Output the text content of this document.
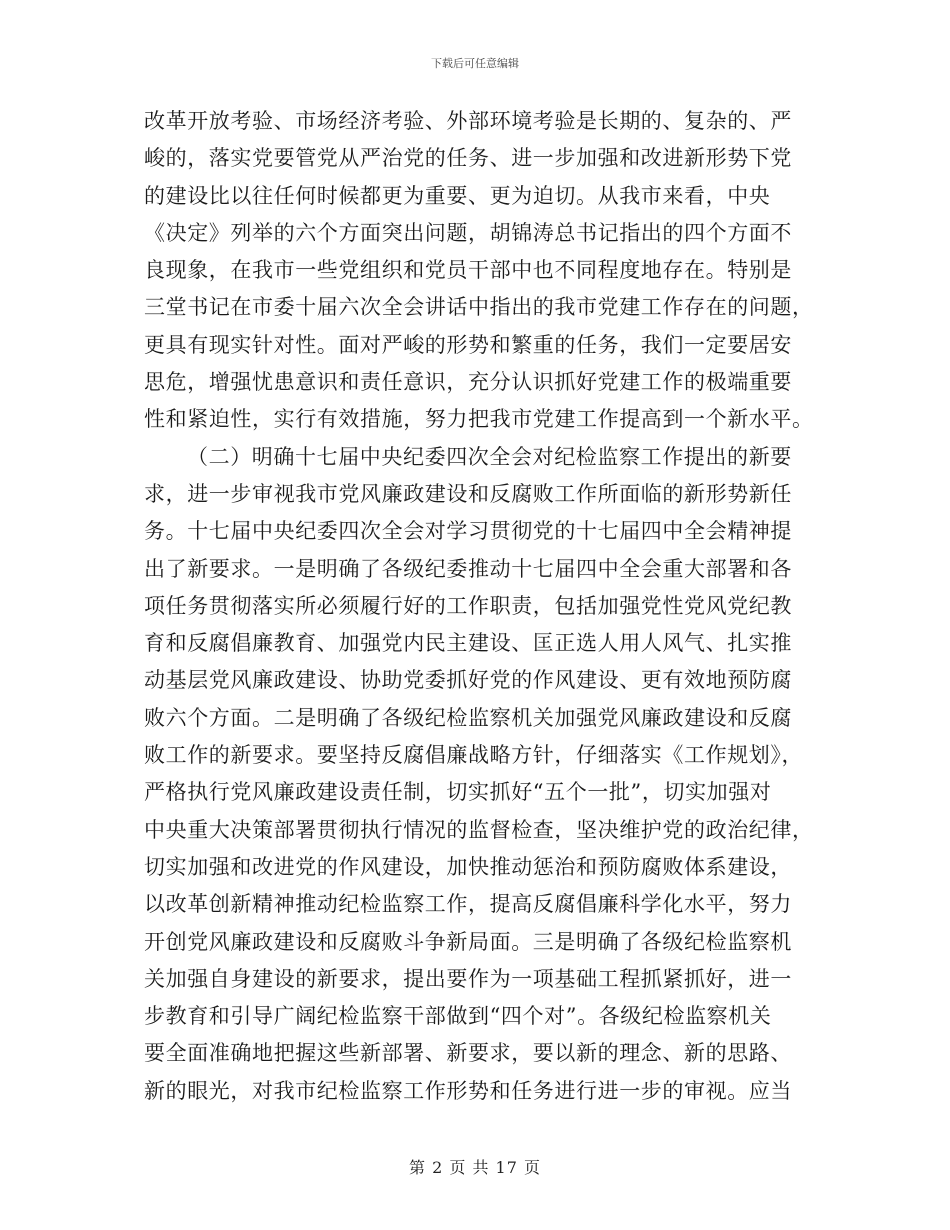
下载后可任意编辑
改革开放考验、市场经济考验、外部环境考验是长期的、复杂的、严
峻的，落实党要管党从严治党的任务、进一步加强和改进新形势下党
的建设比以往任何时候都更为重要、更为迫切。从我市来看，中央
《决定》列举的六个方面突出问题，胡锦涛总书记指出的四个方面不
良现象，在我市一些党组织和党员干部中也不同程度地存在。特别是
三堂书记在市委十届六次全会讲话中指出的我市党建工作存在的问题，
更具有现实针对性。面对严峻的形势和繁重的任务，我们一定要居安
思危，增强忧患意识和责任意识，充分认识抓好党建工作的极端重要
性和紧迫性，实行有效措施，努力把我市党建工作提高到一个新水平。
（二）明确十七届中央纪委四次全会对纪检监察工作提出的新要
求，进一步审视我市党风廉政建设和反腐败工作所面临的新形势新任
务。十七届中央纪委四次全会对学习贯彻党的十七届四中全会精神提
出了新要求。一是明确了各级纪委推动十七届四中全会重大部署和各
项任务贯彻落实所必须履行好的工作职责，包括加强党性党风党纪教
育和反腐倡廉教育、加强党内民主建设、匡正选人用人风气、扎实推
动基层党风廉政建设、协助党委抓好党的作风建设、更有效地预防腐
败六个方面。二是明确了各级纪检监察机关加强党风廉政建设和反腐
败工作的新要求。要坚持反腐倡廉战略方针，仔细落实《工作规划》，
严格执行党风廉政建设责任制，切实抓好“五个一批”，切实加强对
中央重大决策部署贯彻执行情况的监督检查，坚决维护党的政治纪律，
切实加强和改进党的作风建设，加快推动惩治和预防腐败体系建设，
以改革创新精神推动纪检监察工作，提高反腐倡廉科学化水平，努力
开创党风廉政建设和反腐败斗争新局面。三是明确了各级纪检监察机
关加强自身建设的新要求，提出要作为一项基础工程抓紧抓好，进一
步教育和引导广阔纪检监察干部做到“四个对”。各级纪检监察机关
要全面准确地把握这些新部署、新要求，要以新的理念、新的思路、
新的眼光，对我市纪检监察工作形势和任务进行进一步的审视。应当
第 2 页 共 17 页
